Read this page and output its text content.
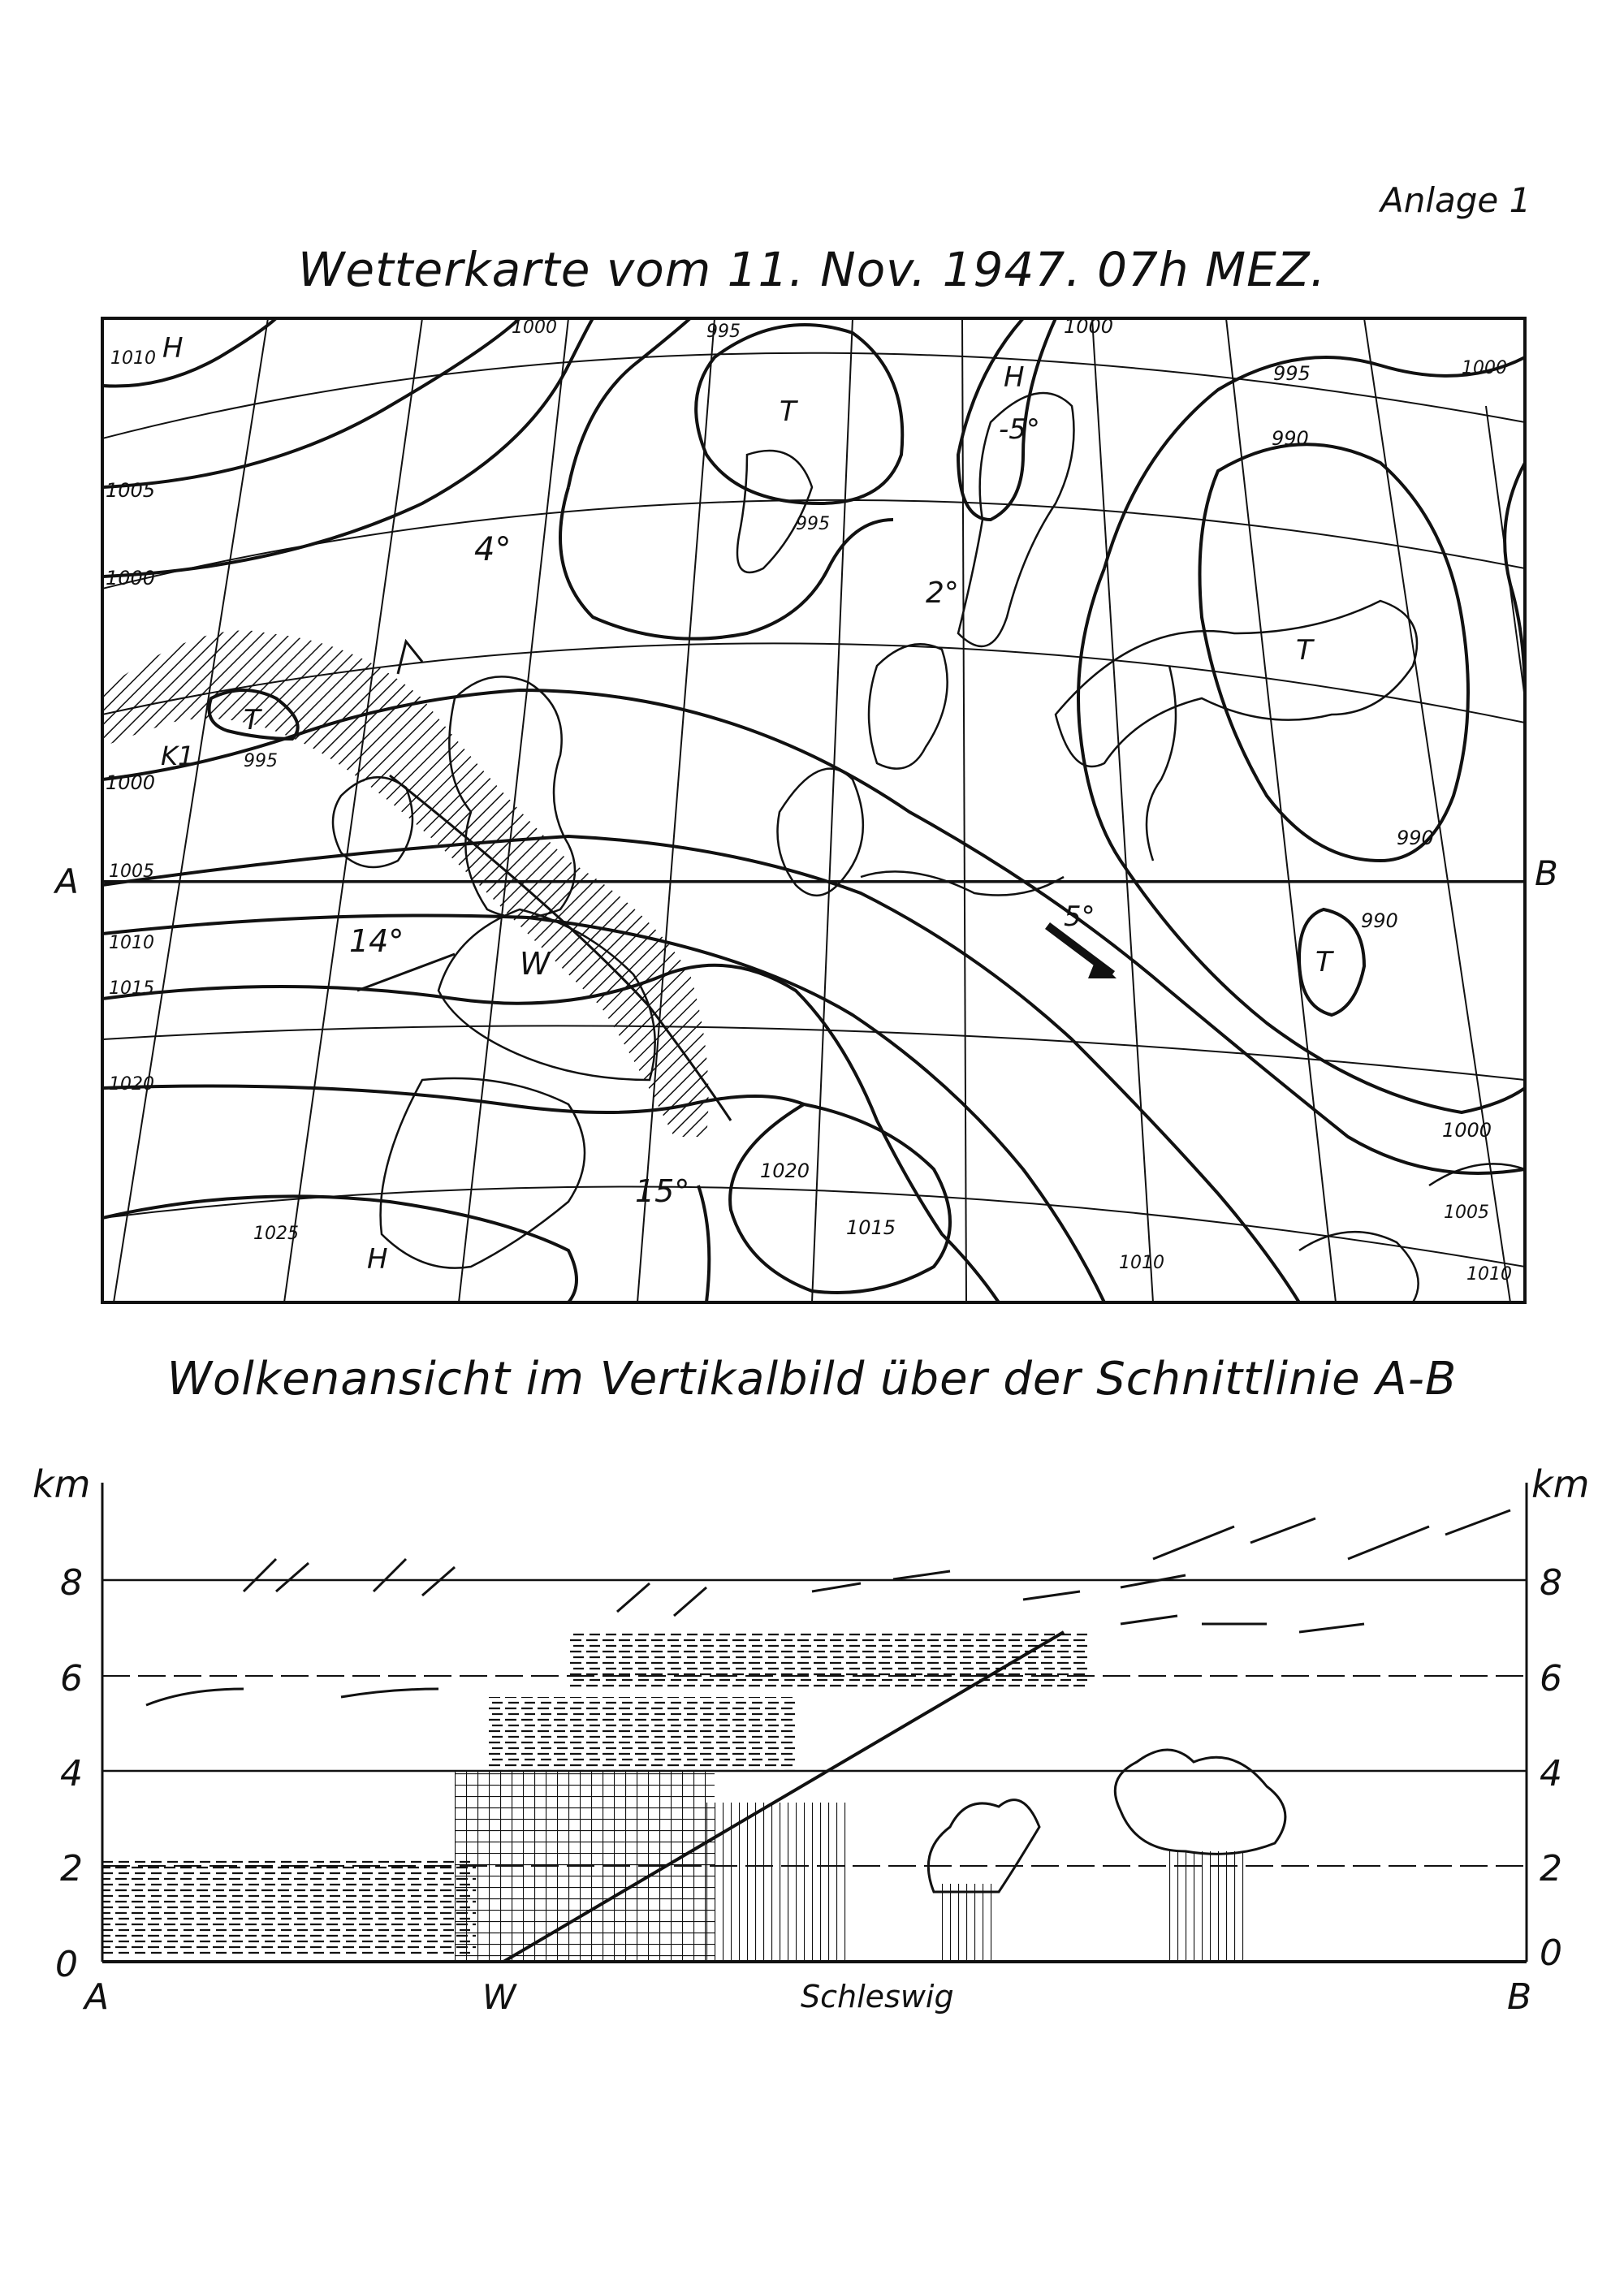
Anlage 1
Wetterkarte vom 11. Nov. 1947. 07h MEZ.
1010
1005
1000
995
1000
1005
1010
1015
1020
1025
1000
995
990
990
990
995
1000
1020
1015
1010
1000
1005
1010
1000	995
H
T
H
T
T
T
H
4°
2°
-5°
14°
5°
15°
A	B
W
K1
km	km
0
2
4
6
8
0
2
4
6
8
A	W	Schleswig	B
Wolkenansicht im Vertikalbild über der Schnittlinie A-B
